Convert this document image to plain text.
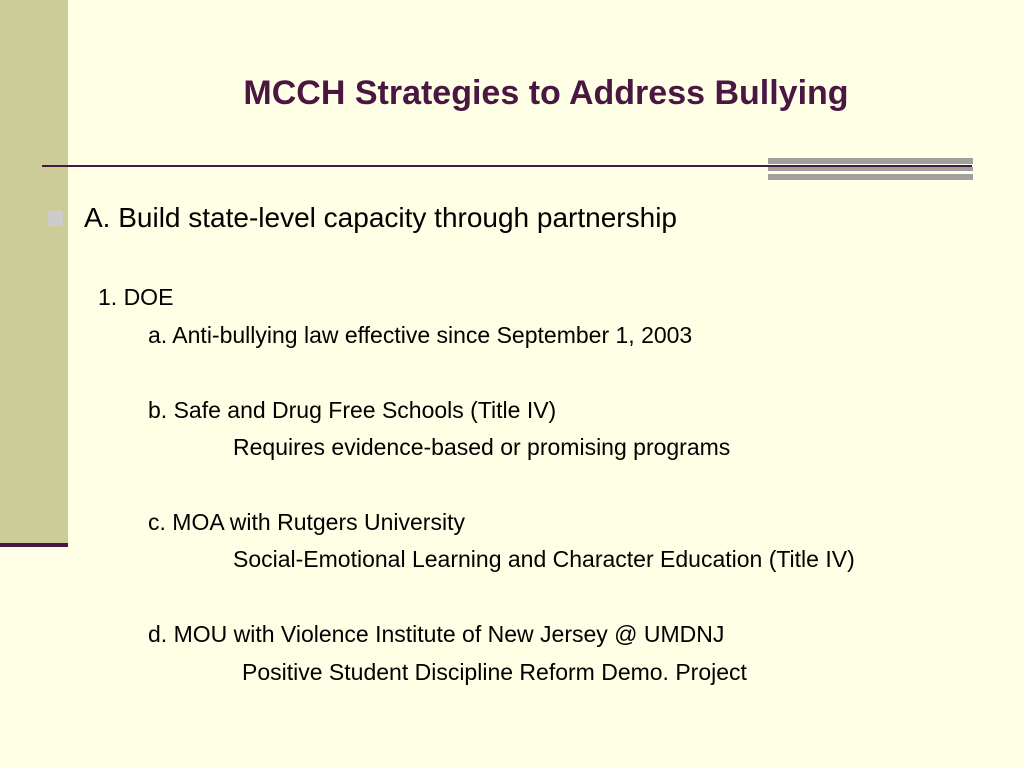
MCCH Strategies to Address Bullying
A. Build state-level capacity through partnership
1. DOE
a. Anti-bullying law effective since September 1, 2003
b. Safe and Drug Free Schools (Title IV)
Requires evidence-based or promising programs
c. MOA with Rutgers University
Social-Emotional Learning and Character Education (Title IV)
d. MOU with Violence Institute of New Jersey @ UMDNJ
Positive Student Discipline Reform Demo. Project
